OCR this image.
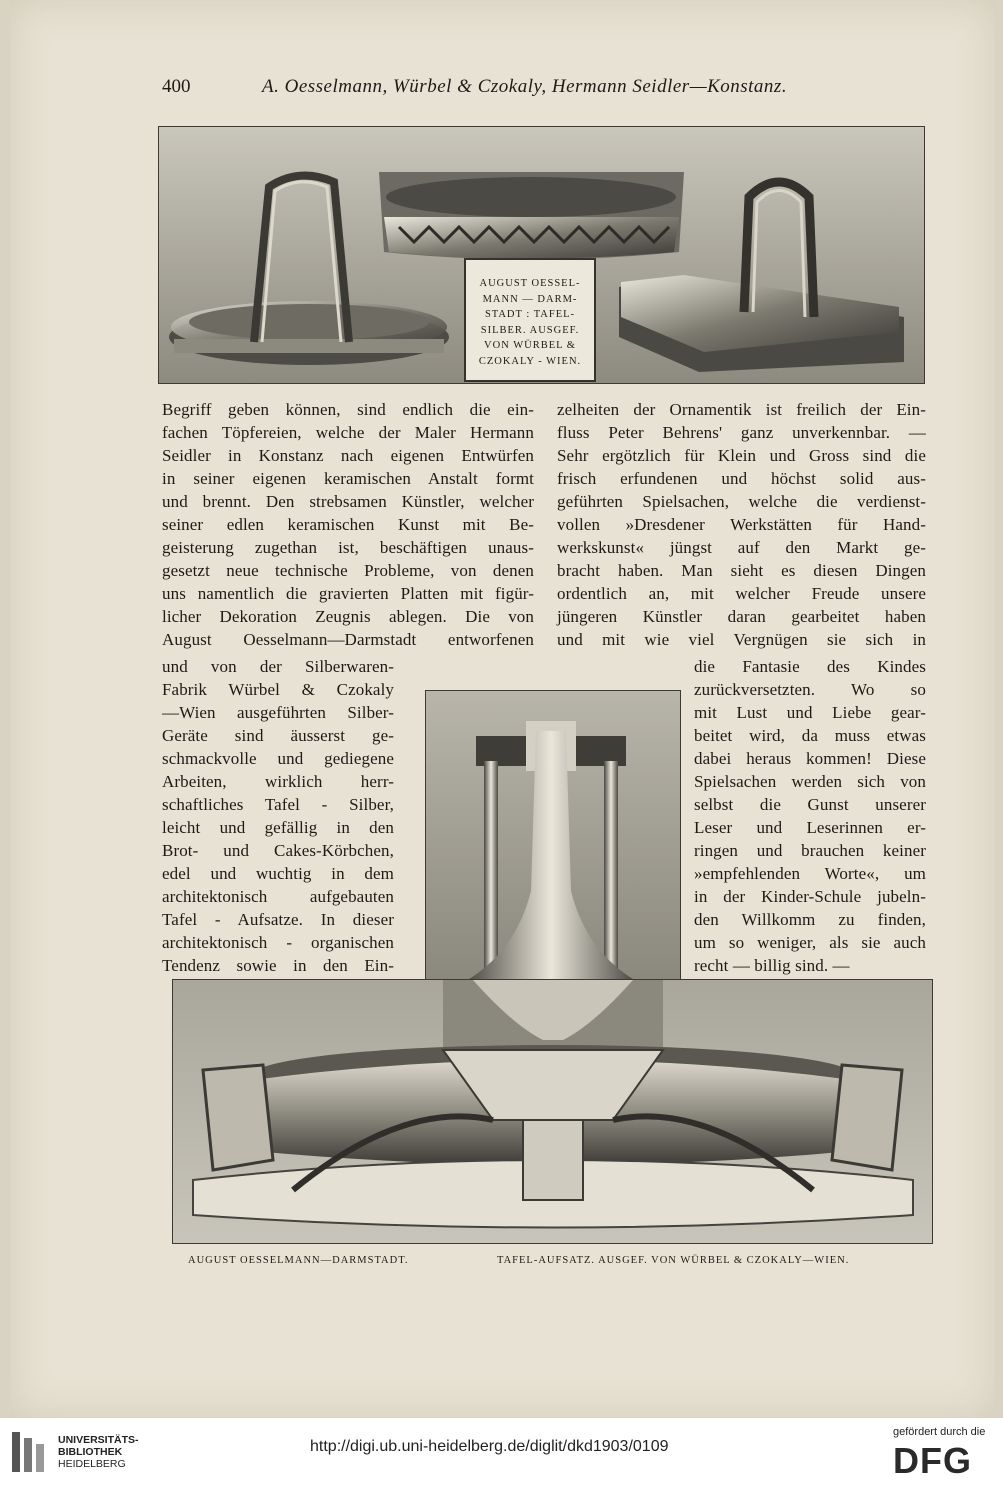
400	A. Oesselmann, Würbel & Czokaly, Hermann Seidler—Konstanz.
AUGUST OESSEL-
MANN — DARM-
STADT : TAFEL-
SILBER. AUSGEF.
VON WÜRBEL &
CZOKALY - WIEN.
Begriff geben können, sind endlich die ein-
fachen Töpfereien, welche der Maler Hermann
Seidler in Konstanz nach eigenen Entwürfen
in seiner eigenen keramischen Anstalt formt
und brennt. Den strebsamen Künstler, welcher
seiner edlen keramischen Kunst mit Be-
geisterung zugethan ist, beschäftigen unaus-
gesetzt neue technische Probleme, von denen
uns namentlich die gravierten Platten mit figür-
licher Dekoration Zeugnis ablegen. Die von
August Oesselmann—Darmstadt entworfenen
und von der Silberwaren-
Fabrik Würbel & Czokaly
—Wien ausgeführten Silber-
Geräte sind äusserst ge-
schmackvolle und gediegene
Arbeiten, wirklich herr-
schaftliches Tafel - Silber,
leicht und gefällig in den
Brot- und Cakes-Körbchen,
edel und wuchtig in dem
architektonisch aufgebauten
Tafel - Aufsatze. In dieser
architektonisch - organischen
Tendenz sowie in den Ein-
zelheiten der Ornamentik ist freilich der Ein-
fluss Peter Behrens' ganz unverkennbar. —
Sehr ergötzlich für Klein und Gross sind die
frisch erfundenen und höchst solid aus-
geführten Spielsachen, welche die verdienst-
vollen »Dresdener Werkstätten für Hand-
werkskunst« jüngst auf den Markt ge-
bracht haben. Man sieht es diesen Dingen
ordentlich an, mit welcher Freude unsere
jüngeren Künstler daran gearbeitet haben
und mit wie viel Vergnügen sie sich in
die Fantasie des Kindes
zurückversetzten. Wo so
mit Lust und Liebe gear-
beitet wird, da muss etwas
dabei heraus kommen! Diese
Spielsachen werden sich von
selbst die Gunst unserer
Leser und Leserinnen er-
ringen und brauchen keiner
»empfehlenden Worte«, um
in der Kinder-Schule jubeln-
den Willkomm zu finden,
um so weniger, als sie auch
recht — billig sind. —
AUGUST OESSELMANN—DARMSTADT.	TAFEL-AUFSATZ. AUSGEF. VON WÜRBEL & CZOKALY—WIEN.
UNIVERSITÄTS-
BIBLIOTHEK
HEIDELBERG
http://digi.ub.uni-heidelberg.de/diglit/dkd1903/0109
gefördert durch die
DFG
